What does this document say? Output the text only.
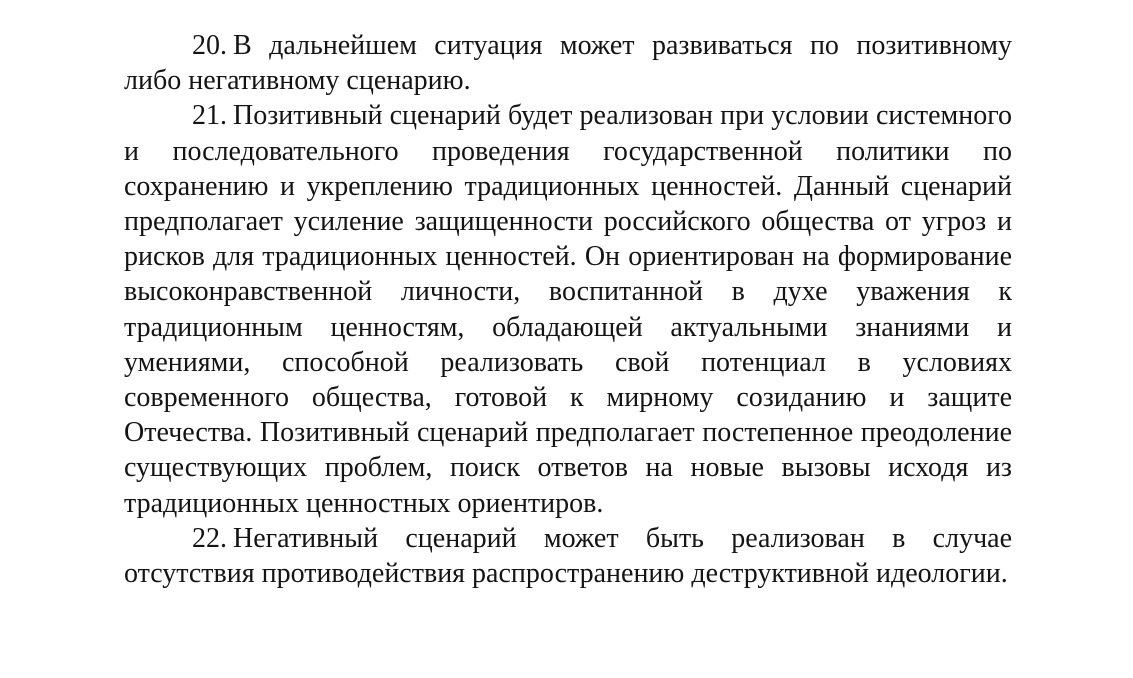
20. В дальнейшем ситуация может развиваться по позитивному либо негативному сценарию.

21. Позитивный сценарий будет реализован при условии системного и последовательного проведения государственной политики по сохранению и укреплению традиционных ценностей. Данный сценарий предполагает усиление защищенности российского общества от угроз и рисков для традиционных ценностей. Он ориентирован на формирование высоконравственной личности, воспитанной в духе уважения к традиционным ценностям, обладающей актуальными знаниями и умениями, способной реализовать свой потенциал в условиях современного общества, готовой к мирному созиданию и защите Отечества. Позитивный сценарий предполагает постепенное преодоление существующих проблем, поиск ответов на новые вызовы исходя из традиционных ценностных ориентиров.

22. Негативный сценарий может быть реализован в случае отсутствия противодействия распространению деструктивной идеологии.
